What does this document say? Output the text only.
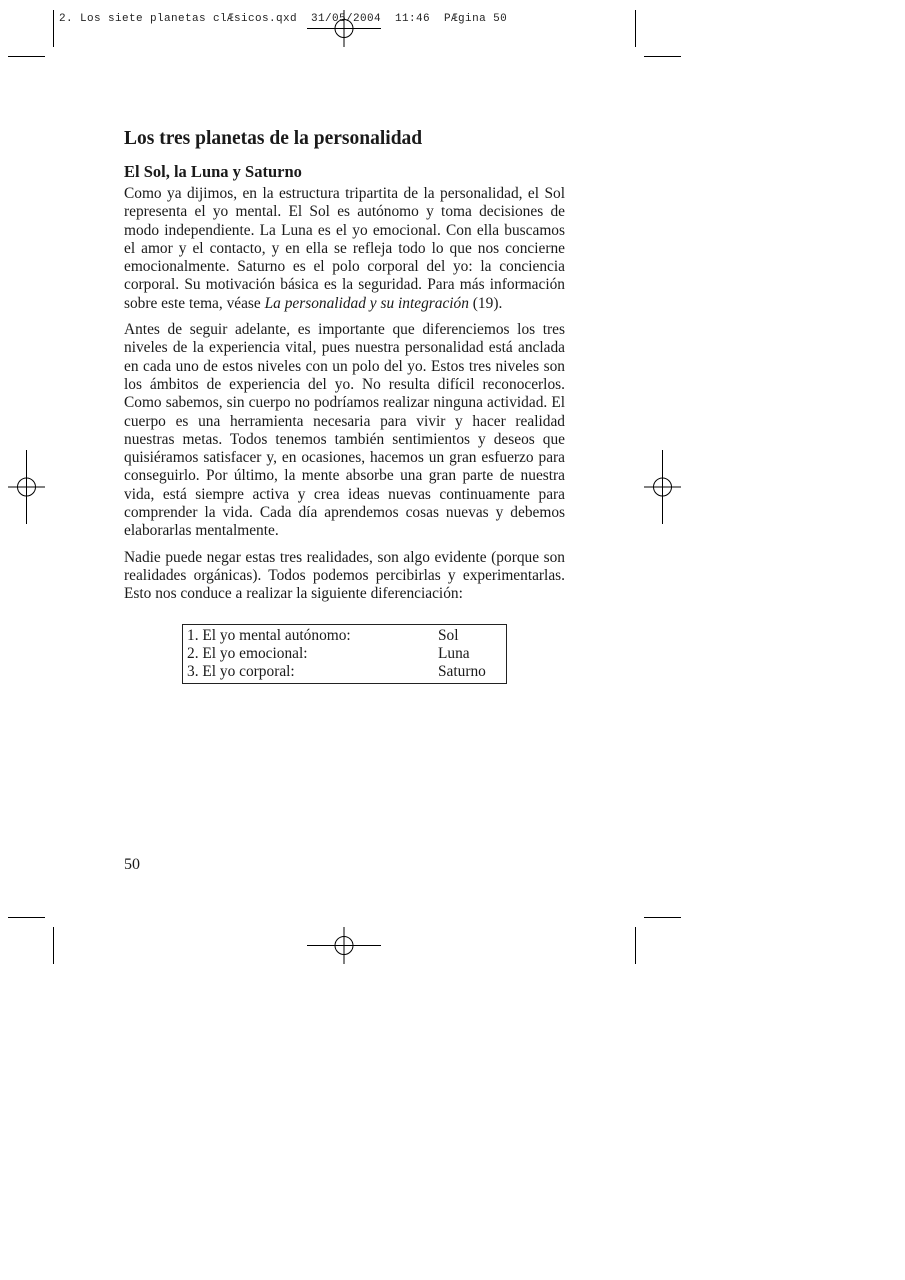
2. Los siete planetas clÆsicos.qxd  31/05/2004  11:46  PÆgina 50
Los tres planetas de la personalidad
El Sol, la Luna y Saturno

Como ya dijimos, en la estructura tripartita de la personalidad, el Sol representa el yo mental. El Sol es autónomo y toma decisiones de modo independiente. La Luna es el yo emocional. Con ella buscamos el amor y el contacto, y en ella se refleja todo lo que nos concierne emocionalmente. Saturno es el polo corporal del yo: la conciencia corporal. Su motivación básica es la seguridad. Para más información sobre este tema, véase La personalidad y su integración (19).

Antes de seguir adelante, es importante que diferenciemos los tres niveles de la experiencia vital, pues nuestra personalidad está anclada en cada uno de estos niveles con un polo del yo. Estos tres niveles son los ámbitos de experiencia del yo. No resulta difícil reconocerlos. Como sabemos, sin cuerpo no podríamos realizar ninguna actividad. El cuerpo es una herramienta necesaria para vivir y hacer realidad nuestras metas. Todos tenemos también sentimientos y deseos que quisiéramos satisfacer y, en ocasiones, hacemos un gran esfuerzo para conseguirlo. Por último, la mente absorbe una gran parte de nuestra vida, está siempre activa y crea ideas nuevas continuamente para comprender la vida. Cada día aprendemos cosas nuevas y debemos elaborarlas mentalmente.

Nadie puede negar estas tres realidades, son algo evidente (porque son realidades orgánicas). Todos podemos percibirlas y experimentarlas. Esto nos conduce a realizar la siguiente diferenciación:

1. El yo mental autónomo:	Sol
2. El yo emocional:	Luna
3. El yo corporal:	Saturno
50
